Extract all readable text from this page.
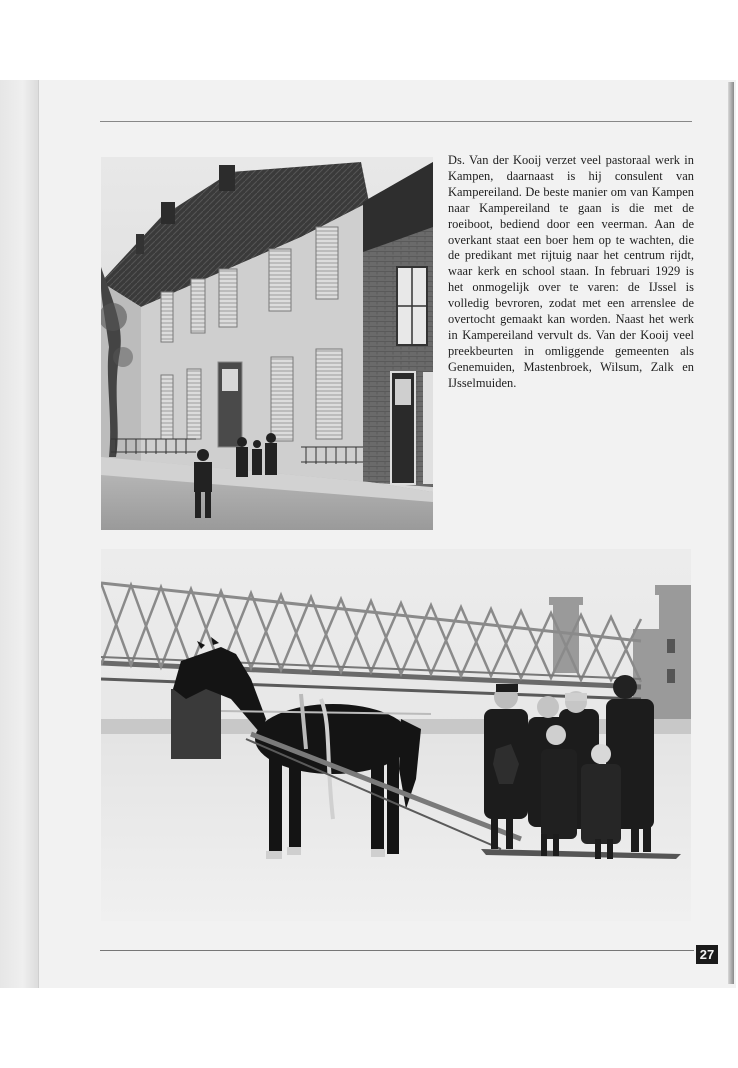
Ds. Van der Kooij verzet veel pastoraal werk in Kampen, daarnaast is hij consulent van Kampereiland. De beste manier om van Kampen naar Kampereiland te gaan is die met de roeiboot, bediend door een veerman. Aan de overkant staat een boer hem op te wachten, die de predikant met rijtuig naar het centrum rijdt, waar kerk en school staan. In februari 1929 is het onmogelijk over te varen: de IJssel is volledig bevroren, zodat met een arrenslee de overtocht gemaakt kan worden. Naast het werk in Kampereiland vervult ds. Van der Kooij veel preekbeurten in omliggende gemeenten als Genemuiden, Mastenbroek, Wilsum, Zalk en IJsselmuiden.

27
